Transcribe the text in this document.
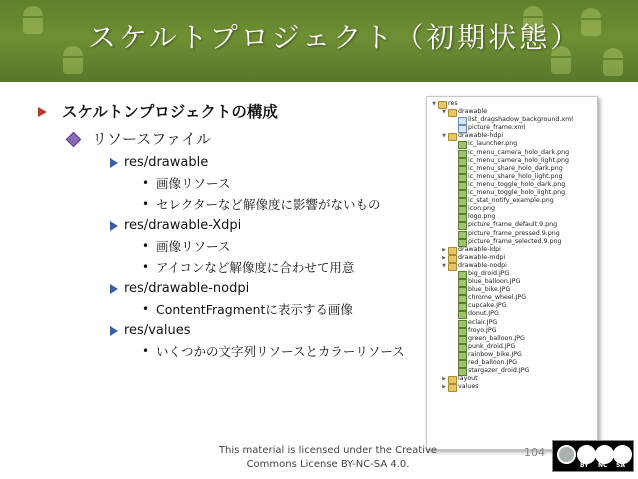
スケルトプロジェクト（初期状態）
スケルトンプロジェクトの構成
リソースファイル
res/drawable
• 画像リソース
• セレクターなど解像度に影響がないもの
res/drawable-Xdpi
• 画像リソース
• アイコンなど解像度に合わせて用意
res/drawable-nodpi
• ContentFragmentに表示する画像
res/values
• いくつかの文字列リソースとカラーリソース
▼ res
▼ drawable
list_dragshadow_background.xml
picture_frame.xml
▼ drawable-hdpi
ic_launcher.png
ic_menu_camera_holo_dark.png
ic_menu_camera_holo_light.png
ic_menu_share_holo_dark.png
ic_menu_share_holo_light.png
ic_menu_toggle_holo_dark.png
ic_menu_toggle_holo_light.png
ic_stat_notify_example.png
icon.png
logo.png
picture_frame_default.9.png
picture_frame_pressed.9.png
picture_frame_selected.9.png
▶ drawable-ldpi
▶ drawable-mdpi
▼ drawable-nodpi
big_droid.JPG
blue_balloon.JPG
blue_bike.JPG
chrome_wheel.JPG
cupcake.JPG
donut.JPG
eclair.JPG
froyo.JPG
green_balloon.JPG
punk_droid.JPG
rainbow_bike.JPG
red_balloon.JPG
stargazer_droid.JPG
▶ layout
▶ values
This material is licensed under the Creative
Commons License BY-NC-SA 4.0.
104
BY NC SA
